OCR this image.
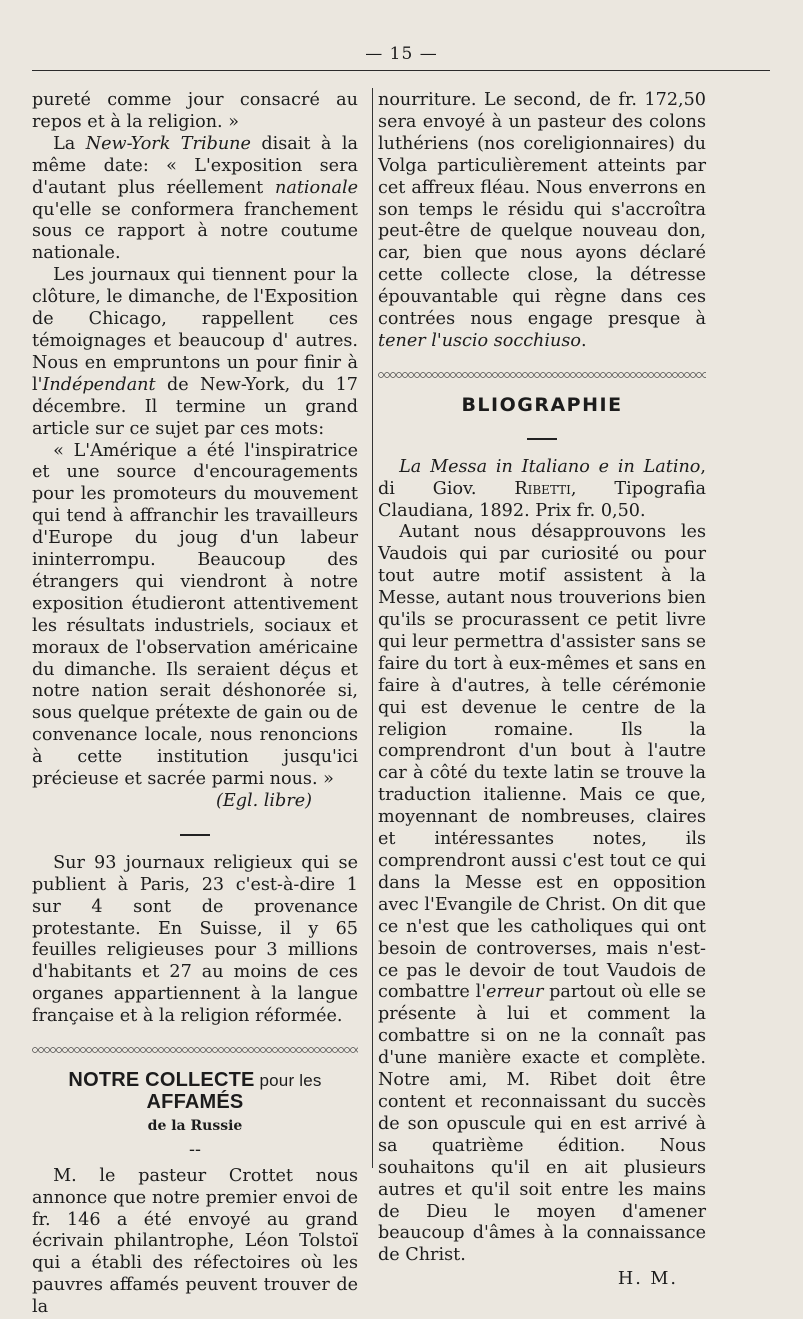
— 15 —

pureté comme jour consacré au repos et à la religion. »

La New-York Tribune disait à la même date: « L'exposition sera d'autant plus réellement nationale qu'elle se conformera franchement sous ce rapport à notre coutume nationale.

Les journaux qui tiennent pour la clôture, le dimanche, de l'Exposition de Chicago, rappellent ces témoignages et beaucoup d' autres. Nous en empruntons un pour finir à l'Indépendant de New-York, du 17 décembre. Il termine un grand article sur ce sujet par ces mots:

« L'Amérique a été l'inspiratrice et une source d'encouragements pour les promoteurs du mouvement qui tend à affranchir les travailleurs d'Europe du joug d'un labeur ininterrompu. Beaucoup des étrangers qui viendront à notre exposition étudieront attentivement les résultats industriels, sociaux et moraux de l'observation américaine du dimanche. Ils seraient déçus et notre nation serait déshonorée si, sous quelque prétexte de gain ou de convenance locale, nous renoncions à cette institution jusqu'ici précieuse et sacrée parmi nous. »

(Egl. libre)

Sur 93 journaux religieux qui se publient à Paris, 23 c'est-à-dire 1 sur 4 sont de provenance protestante. En Suisse, il y 65 feuilles religieuses pour 3 millions d'habitants et 27 au moins de ces organes appartiennent à la langue française et à la religion réformée.

NOTRE COLLECTE pour les AFFAMÉS
de la Russie
--

M. le pasteur Crottet nous annonce que notre premier envoi de fr. 146 a été envoyé au grand écrivain philantrophe, Léon Tolstoï qui a établi des réfectoires où les pauvres affamés peuvent trouver de la

nourriture. Le second, de fr. 172,50 sera envoyé à un pasteur des colons luthériens (nos coreligionnaires) du Volga particulièrement atteints par cet affreux fléau. Nous enverrons en son temps le résidu qui s'accroîtra peut-être de quelque nouveau don, car, bien que nous ayons déclaré cette collecte close, la détresse épouvantable qui règne dans ces contrées nous engage presque à tener l'uscio socchiuso.

BLIOGRAPHIE

La Messa in Italiano e in Latino, di Giov. Ribetti, Tipografia Claudiana, 1892. Prix fr. 0,50.

Autant nous désapprouvons les Vaudois qui par curiosité ou pour tout autre motif assistent à la Messe, autant nous trouverions bien qu'ils se procurassent ce petit livre qui leur permettra d'assister sans se faire du tort à eux-mêmes et sans en faire à d'autres, à telle cérémonie qui est devenue le centre de la religion romaine. Ils la comprendront d'un bout à l'autre car à côté du texte latin se trouve la traduction italienne. Mais ce que, moyennant de nombreuses, claires et intéressantes notes, ils comprendront aussi c'est tout ce qui dans la Messe est en opposition avec l'Evangile de Christ. On dit que ce n'est que les catholiques qui ont besoin de controverses, mais n'est-ce pas le devoir de tout Vaudois de combattre l'erreur partout où elle se présente à lui et comment la combattre si on ne la connaît pas d'une manière exacte et complète. Notre ami, M. Ribet doit être content et reconnaissant du succès de son opuscule qui en est arrivé à sa quatrième édition. Nous souhaitons qu'il en ait plusieurs autres et qu'il soit entre les mains de Dieu le moyen d'amener beaucoup d'âmes à la connaissance de Christ.

H. M.
